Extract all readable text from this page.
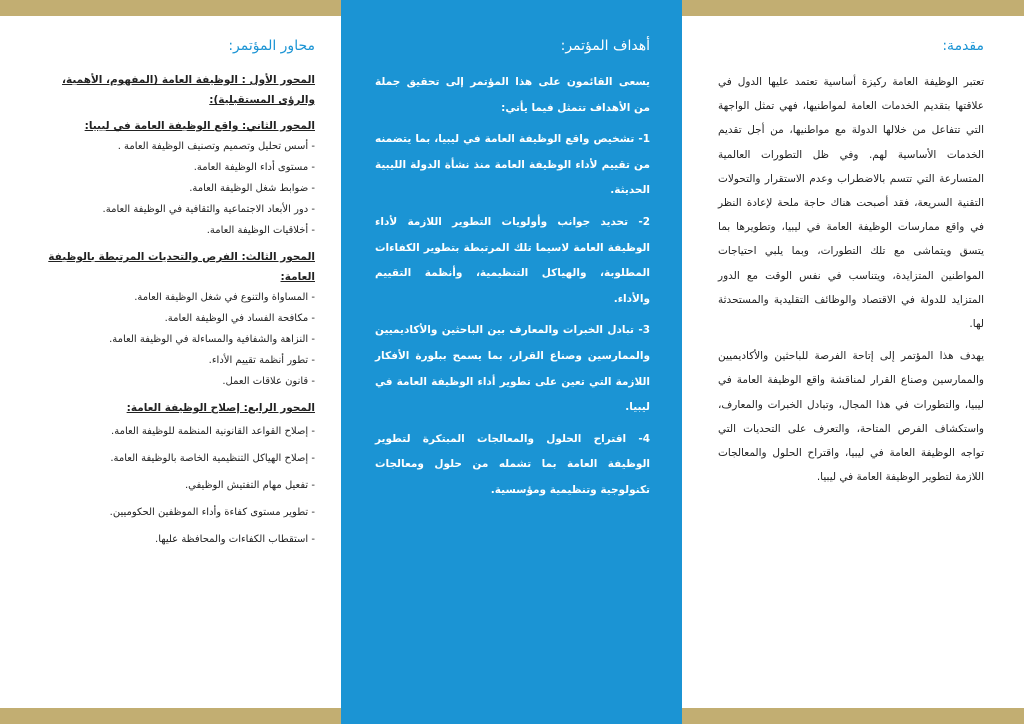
مقدمة:

تعتبر الوظيفة العامة ركيزة أساسية تعتمد عليها الدول في علاقتها بتقديم الخدمات العامة لمواطنيها، فهي تمثل الواجهة التي تتفاعل من خلالها الدولة مع مواطنيها، من أجل تقديم الخدمات الأساسية لهم. وفي ظل التطورات العالمية المتسارعة التي تتسم بالاضطراب وعدم الاستقرار والتحولات التقنية السريعة، فقد أصبحت هناك حاجة ملحة لإعادة النظر في واقع ممارسات الوظيفة العامة في ليبيا، وتطويرها بما يتسق ويتماشى مع تلك التطورات، وبما يلبي احتياجات المواطنين المتزايدة، ويتناسب في نفس الوقت مع الدور المتزايد للدولة في الاقتصاد والوظائف التقليدية والمستحدثة لها.

يهدف هذا المؤتمر إلى إتاحة الفرصة للباحثين والأكاديميين والممارسين وصناع القرار لمناقشة واقع الوظيفة العامة في ليبيا، والتطورات في هذا المجال، وتبادل الخبرات والمعارف، واستكشاف الفرص المتاحة، والتعرف على التحديات التي تواجه الوظيفة العامة في ليبيا، واقتراح الحلول والمعالجات اللازمة لتطوير الوظيفة العامة في ليبيا.

أهداف المؤتمر:

يسعى القائمون على هذا المؤتمر إلى تحقيق جملة من الأهداف تتمثل فيما يأتي:

1- تشخيص واقع الوظيفة العامة في ليبيا، بما يتضمنه من تقييم لأداء الوظيفة العامة منذ نشأة الدولة الليبية الحديثة.

2- تحديد جوانب وأولويات التطوير اللازمة لأداء الوظيفة العامة لاسيما تلك المرتبطة بتطوير الكفاءات المطلوبة، والهياكل التنظيمية، وأنظمة التقييم والأداء.

3- تبادل الخبرات والمعارف بين الباحثين والأكاديميين والممارسين وصناع القرار، بما يسمح ببلورة الأفكار اللازمة التي تعين على تطوير أداء الوظيفة العامة في ليبيا.

4- اقتراح الحلول والمعالجات المبتكرة لتطوير الوظيفة العامة بما تشمله من حلول ومعالجات تكنولوجية وتنظيمية ومؤسسية.

محاور المؤتمر:

المحور الأول : الوظيفة العامة (المفهوم، الأهمية، والرؤى المستقبلية):

المحور الثاني: واقع الوظيفة العامة في ليبيا:

- أسس تحليل وتصميم وتصنيف الوظيفة العامة .

- مستوى أداء الوظيفة العامة.

- ضوابط شغل الوظيفة العامة.

- دور الأبعاد الاجتماعية والثقافية في الوظيفة العامة.

- أخلاقيات الوظيفة العامة.

المحور الثالث: الفرص والتحديات المرتبطة بالوظيفة العامة:

- المساواة والتنوع في شغل الوظيفة العامة.

- مكافحة الفساد في الوظيفة العامة.

- النزاهة والشفافية والمساءلة في الوظيفة العامة.

- تطور أنظمة تقييم الأداء.

- قانون علاقات العمل.

المحور الرابع: إصلاح الوظيفة العامة:

- إصلاح القواعد القانونية المنظمة للوظيفة العامة.

- إصلاح الهياكل التنظيمية الخاصة بالوظيفة العامة.

- تفعيل مهام التفتيش الوظيفي.

- تطوير مستوى كفاءة وأداء الموظفين الحكوميين.

- استقطاب الكفاءات والمحافظة عليها.
